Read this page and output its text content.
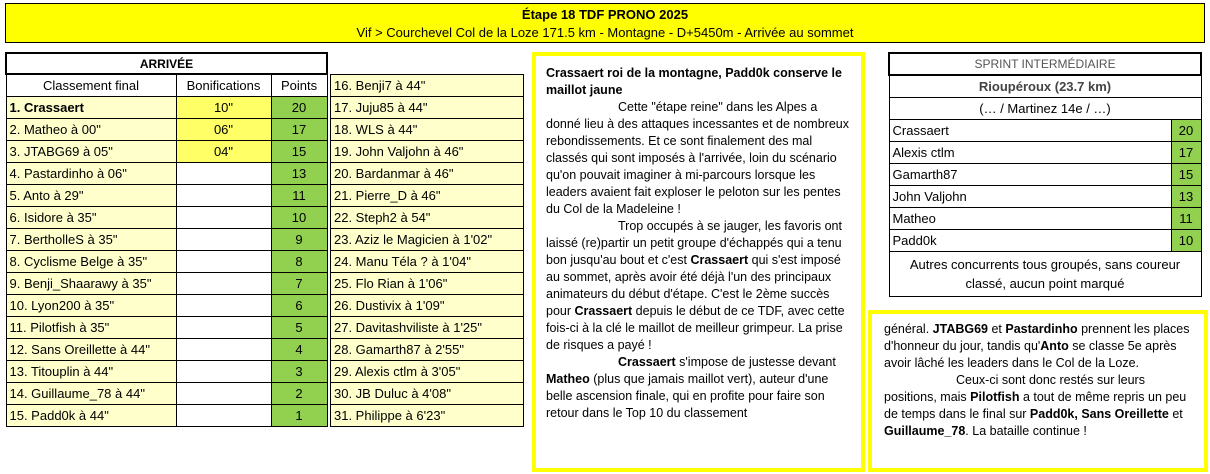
Étape 18 TDF PRONO 2025
Vif > Courchevel Col de la Loze 171.5 km - Montagne - D+5450m - Arrivée au sommet
ARRIVÉE		
Classement final	Bonifications	Points
1. Crassaert	10"	20
2. Matheo à 00"	06"	17
3. JTABG69 à 05"	04"	15
4. Pastardinho à 06"		13
5. Anto à 29"		11
6. Isidore à 35"		10
7. BertholleS à 35"		9
8. Cyclisme Belge à 35"		8
9. Benji_Shaarawy à 35"		7
10. Lyon200 à 35"		6
11. Pilotfish à 35"		5
12. Sans Oreillette à 44"		4
13. Titouplin à 44"		3
14. Guillaume_78 à 44"		2
15. Padd0k à 44"		1
16. Benji7 à 44"
17. Juju85 à 44"
18. WLS à 44"
19. John Valjohn à 46"
20. Bardanmar à 46"
21. Pierre_D à 46"
22. Steph2 à 54"
23. Aziz le Magicien à 1'02"
24. Manu Téla ? à 1'04"
25. Flo Rian à 1'06"
26. Dustivix à 1'09"
27. Davitashviliste à 1'25"
28. Gamarth87 à 2'55"
29. Alexis ctlm à 3'05"
30. JB Duluc à 4'08"
31. Philippe à 6'23"

Crassaert roi de la montagne, Padd0k conserve le maillot jaune

Cette "étape reine" dans les Alpes a donné lieu à des attaques incessantes et de nombreux rebondissements. Et ce sont finalement des mal classés qui sont imposés à l'arrivée, loin du scénario qu'on pouvait imaginer à mi-parcours lorsque les leaders avaient fait exploser le peloton sur les pentes du Col de la Madeleine !

Trop occupés à se jauger, les favoris ont laissé (re)partir un petit groupe d'échappés qui a tenu bon jusqu'au bout et c'est Crassaert qui s'est imposé au sommet, après avoir été déjà l'un des principaux animateurs du début d'étape. C'est le 2ème succès pour Crassaert depuis le début de ce TDF, avec cette fois-ci à la clé le maillot de meilleur grimpeur. La prise de risques a payé !

Crassaert s'impose de justesse devant Matheo (plus que jamais maillot vert), auteur d'une belle ascension finale, qui en profite pour faire son retour dans le Top 10 du classement

SPRINT INTERMÉDIAIRE	
Rioupéroux (23.7 km)	
(… / Martinez 14e / …)	
Crassaert	20
Alexis ctlm	17
Gamarth87	15
John Valjohn	13
Matheo	11
Padd0k	10
Autres concurrents tous groupés, sans coureur classé, aucun point marqué	

général. JTABG69 et Pastardinho prennent les places d'honneur du jour, tandis qu'Anto se classe 5e après avoir lâché les leaders dans le Col de la Loze.

Ceux-ci sont donc restés sur leurs positions, mais Pilotfish a tout de même repris un peu de temps dans le final sur Padd0k, Sans Oreillette et Guillaume_78. La bataille continue !
